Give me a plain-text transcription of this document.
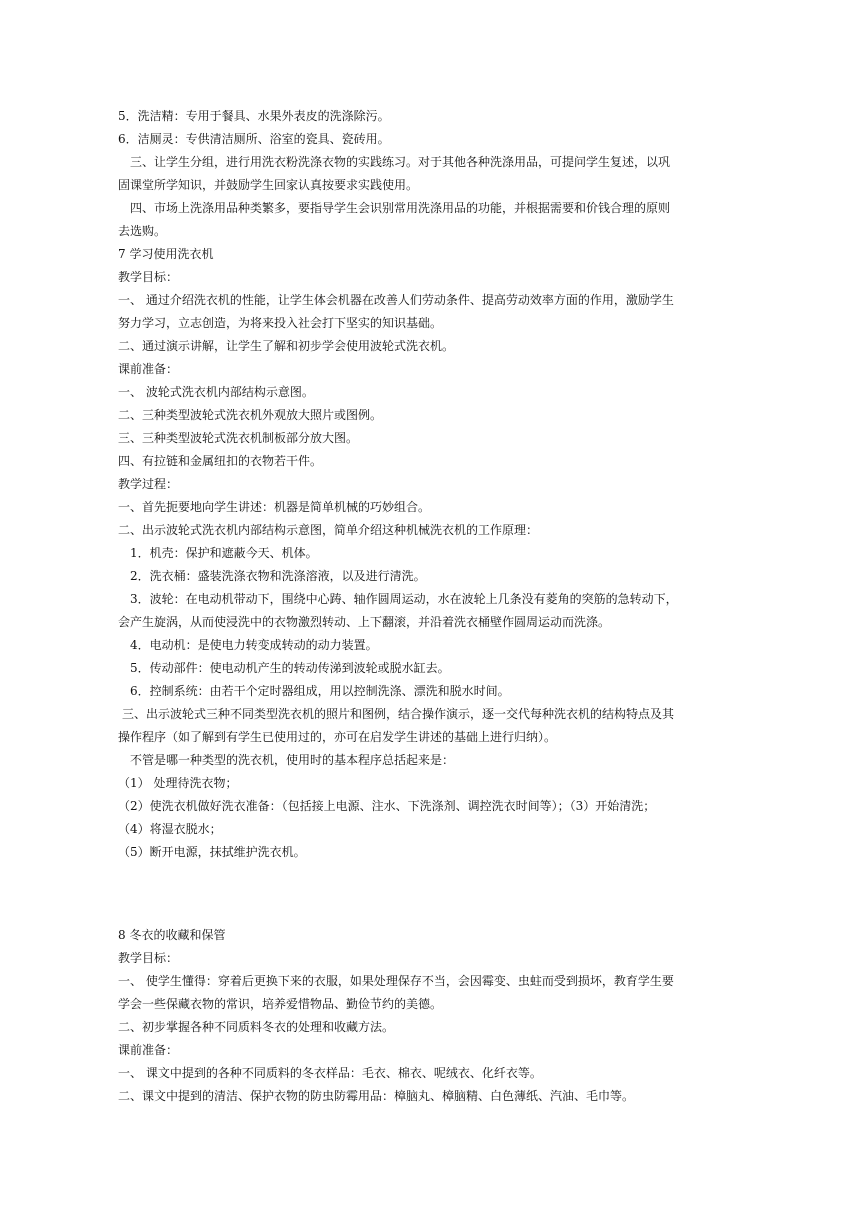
5．洗洁精：专用于餐具、水果外表皮的洗涤除污。
6．洁厕灵：专供清洁厕所、浴室的瓷具、瓷砖用。
三、让学生分组，进行用洗衣粉洗涤衣物的实践练习。对于其他各种洗涤用品，可提问学生复述，以巩
固课堂所学知识，并鼓励学生回家认真按要求实践使用。
四、市场上洗涤用品种类繁多，要指导学生会识别常用洗涤用品的功能，并根据需要和价钱合理的原则
去选购。
7 学习使用洗衣机
教学目标：
一、 通过介绍洗衣机的性能，让学生体会机器在改善人们劳动条件、提高劳动效率方面的作用，激励学生
努力学习，立志创造，为将来投入社会打下坚实的知识基础。
二、通过演示讲解，让学生了解和初步学会使用波轮式洗衣机。
课前准备：
一、 波轮式洗衣机内部结构示意图。
二、三种类型波轮式洗衣机外观放大照片或图例。
三、三种类型波轮式洗衣机制板部分放大图。
四、有拉链和金属纽扣的衣物若干件。
教学过程：
一、首先扼要地向学生讲述：机器是简单机械的巧妙组合。
二、出示波轮式洗衣机内部结构示意图，简单介绍这种机械洗衣机的工作原理：
1．机壳：保护和遮蔽今天、机体。
2．洗衣桶：盛装洗涤衣物和洗涤溶液，以及进行清洗。
3．波轮：在电动机带动下，围绕中心踌、轴作圆周运动，水在波轮上几条没有菱角的突筋的急转动下，
会产生旋涡，从而使浸洗中的衣物激烈转动、上下翻滚，并沿着洗衣桶壁作圆周运动而洗涤。
4．电动机：是使电力转变成转动的动力装置。
5．传动部件：使电动机产生的转动传涕到波轮或脱水缸去。
6．控制系统：由若干个定时器组成，用以控制洗涤、漂洗和脱水时间。
三、出示波轮式三种不同类型洗衣机的照片和图例，结合操作演示，逐一交代每种洗衣机的结构特点及其
操作程序（如了解到有学生已使用过的，亦可在启发学生讲述的基础上进行归纳）。
不管是哪一种类型的洗衣机，使用时的基本程序总括起来是：
（1） 处理待洗衣物；
（2）使洗衣机做好洗衣准备：（包括接上电源、注水、下洗涤剂、调控洗衣时间等）；（3）开始清洗；
（4）将湿衣脱水；
（5）断开电源，抹拭维护洗衣机。
8 冬衣的收藏和保管
教学目标：
一、 使学生懂得：穿着后更换下来的衣服，如果处理保存不当，会因霉变、虫蛀而受到损坏，教育学生要
学会一些保藏衣物的常识，培养爱惜物品、勤俭节约的美德。
二、初步掌握各种不同质料冬衣的处理和收藏方法。
课前准备：
一、 课文中提到的各种不同质料的冬衣样品：毛衣、棉衣、呢绒衣、化纤衣等。
二、课文中提到的清洁、保护衣物的防虫防霉用品：樟脑丸、樟脑精、白色薄纸、汽油、毛巾等。
